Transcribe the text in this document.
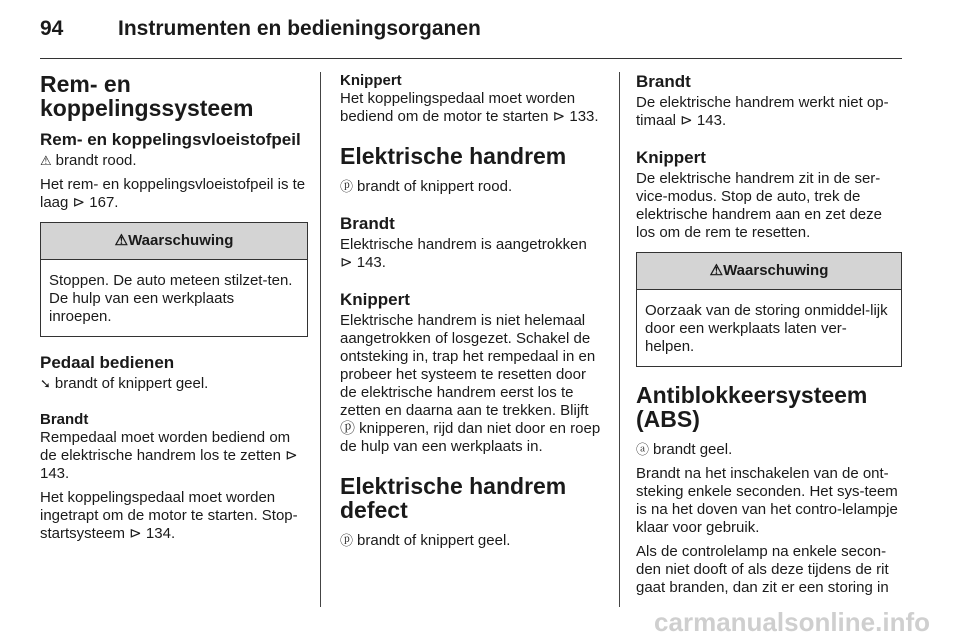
94	Instrumenten en bedieningsorganen
Rem- en koppelingssysteem
Rem- en koppelingsvloeistofpeil
⚠ brandt rood.
Het rem- en koppelingsvloeistofpeil is te laag ⊳ 167.
⚠Waarschuwing
Stoppen. De auto meteen stilzet-ten. De hulp van een werkplaats inroepen.
Pedaal bedienen
➘ brandt of knippert geel.
Brandt
Rempedaal moet worden bediend om de elektrische handrem los te zetten ⊳ 143.
Het koppelingspedaal moet worden ingetrapt om de motor te starten. Stop-startsysteem ⊳ 134.
Knippert
Het koppelingspedaal moet worden bediend om de motor te starten ⊳ 133.
Elektrische handrem
ⓟ brandt of knippert rood.
Brandt
Elektrische handrem is aangetrokken ⊳ 143.
Knippert
Elektrische handrem is niet helemaal aangetrokken of losgezet. Schakel de ontsteking in, trap het rempedaal in en probeer het systeem te resetten door de elektrische handrem eerst los te zetten en daarna aan te trekken. Blijft ⓟ knipperen, rijd dan niet door en roep de hulp van een werkplaats in.
Elektrische handrem defect
ⓟ brandt of knippert geel.
Brandt
De elektrische handrem werkt niet op-timaal ⊳ 143.
Knippert
De elektrische handrem zit in de ser-vice-modus. Stop de auto, trek de elektrische handrem aan en zet deze los om de rem te resetten.
⚠Waarschuwing
Oorzaak van de storing onmiddel-lijk door een werkplaats laten ver-helpen.
Antiblokkeersysteem (ABS)
ⓐ brandt geel.
Brandt na het inschakelen van de ont-steking enkele seconden. Het sys-teem is na het doven van het contro-lelampje klaar voor gebruik.
Als de controlelamp na enkele secon-den niet dooft of als deze tijdens de rit gaat branden, dan zit er een storing in
carmanualsonline.info
